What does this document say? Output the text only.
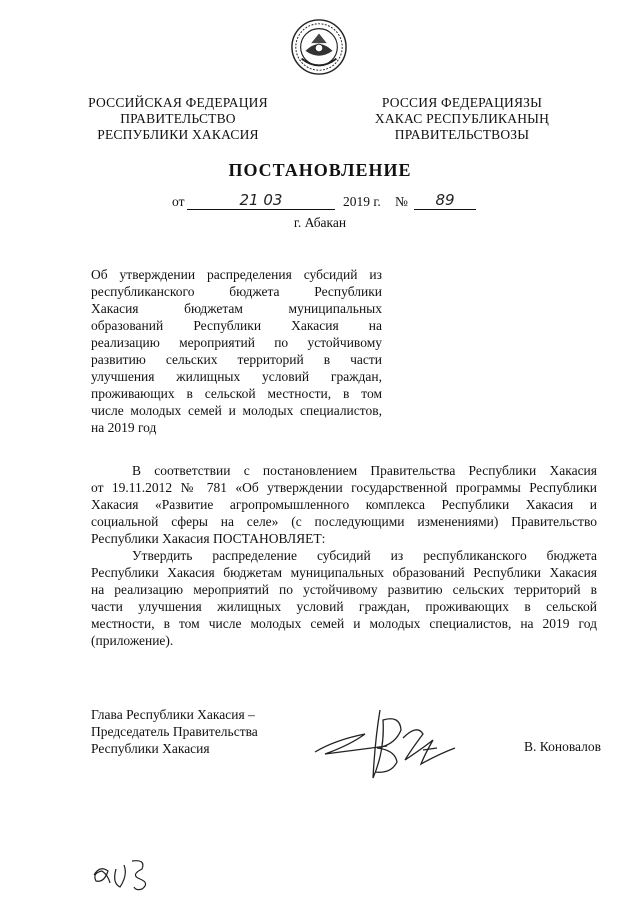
РОССИЙСКАЯ ФЕДЕРАЦИЯ
ПРАВИТЕЛЬСТВО
РЕСПУБЛИКИ ХАКАСИЯ
РОССИЯ ФЕДЕРАЦИЯЗЫ
ХАКАС РЕСПУБЛИКАНЫҢ
ПРАВИТЕЛЬСТВОЗЫ
ПОСТАНОВЛЕНИЕ
от	21 03	2019 г. №	89
г. Абакан
Об утверждении распределения субсидий из
республиканского бюджета Республики
Хакасия бюджетам муниципальных
образований Республики Хакасия на
реализацию мероприятий по устойчивому
развитию сельских территорий в части
улучшения жилищных условий граждан,
проживающих в сельской местности, в том
числе молодых семей и молодых специалистов,
на 2019 год
В соответствии с постановлением Правительства Республики Хакасия
от 19.11.2012 № 781 «Об утверждении государственной программы Республики
Хакасия «Развитие агропромышленного комплекса Республики Хакасия и
социальной сферы на селе» (с последующими изменениями) Правительство
Республики Хакасия ПОСТАНОВЛЯЕТ:
Утвердить распределение субсидий из республиканского бюджета
Республики Хакасия бюджетам муниципальных образований Республики Хакасия
на реализацию мероприятий по устойчивому развитию сельских территорий в
части улучшения жилищных условий граждан, проживающих в сельской
местности, в том числе молодых семей и молодых специалистов, на 2019 год
(приложение).
Глава Республики Хакасия –
Председатель Правительства
Республики Хакасия	В. Коновалов
